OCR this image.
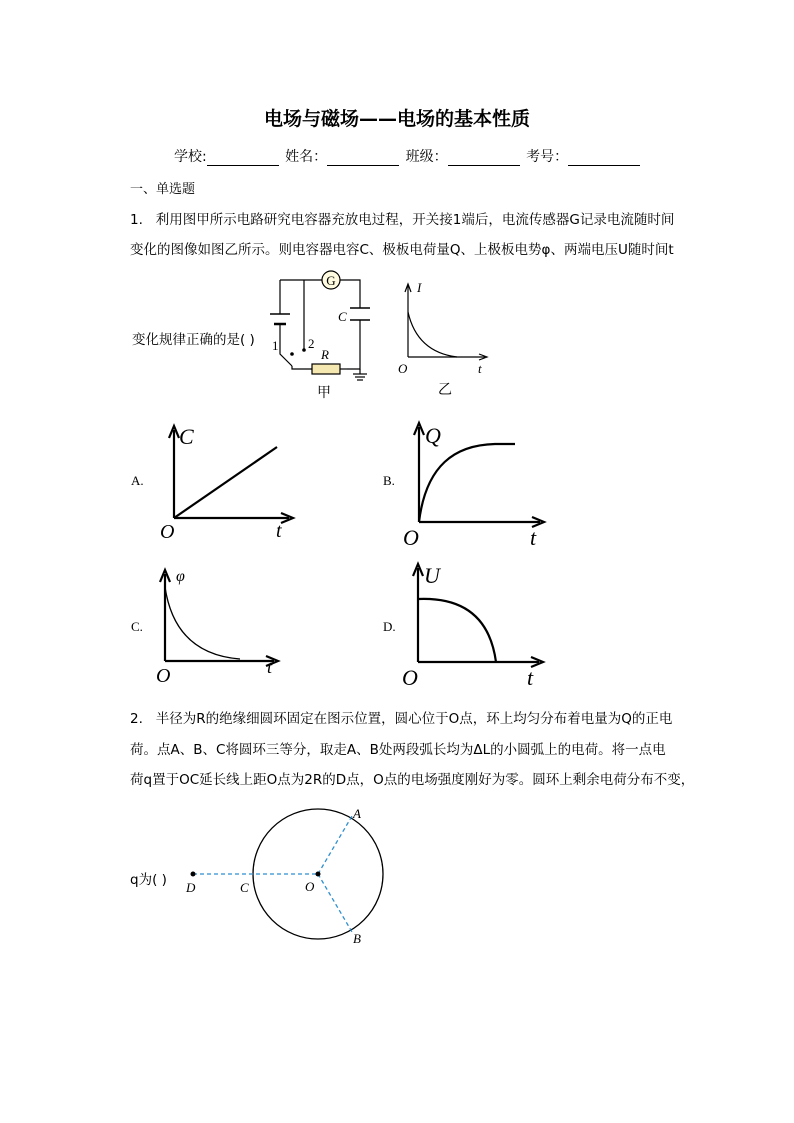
电场与磁场——电场的基本性质
学校:	姓名：	班级：	考号：
一、单选题
1. 利用图甲所示电路研究电容器充放电过程，开关接1端后，电流传感器G记录电流随时间
变化的图像如图乙所示。则电容器电容C、极板电荷量Q、上极板电势φ、两端电压U随时间t
变化规律正确的是( )
G
C
1 2
R
甲
I
O	t
乙
A.
C
O	t
B.
Q
O	t
C.
φ
O	t
D.
U
O	t
2. 半径为R的绝缘细圆环固定在图示位置，圆心位于O点，环上均匀分布着电量为Q的正电
荷。点A、B、C将圆环三等分，取走A、B处两段弧长均为ΔL的小圆弧上的电荷。将一点电
荷q置于OC延长线上距O点为2R的D点，O点的电场强度刚好为零。圆环上剩余电荷分布不变，
q为( )
A
B
C
D	O
